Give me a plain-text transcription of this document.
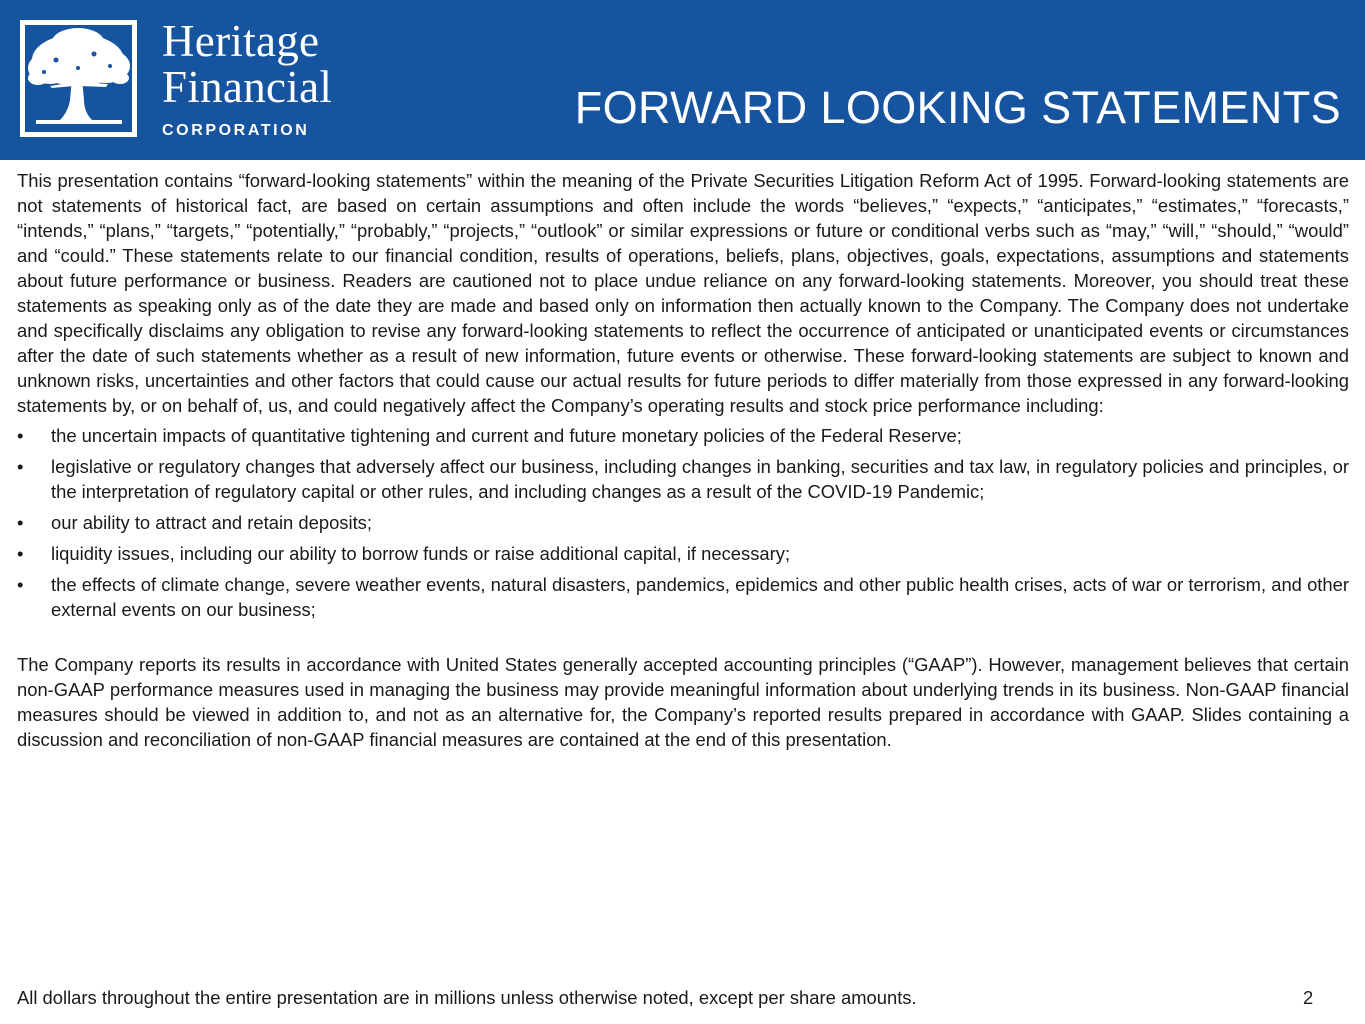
Heritage
Financial
CORPORATION	FORWARD LOOKING STATEMENTS

This presentation contains “forward-looking statements” within the meaning of the Private Securities Litigation Reform Act of 1995. Forward-looking statements are not statements of historical fact, are based on certain assumptions and often include the words “believes,” “expects,” “anticipates,” “estimates,” “forecasts,” “intends,” “plans,” “targets,” “potentially,” “probably,” “projects,” “outlook” or similar expressions or future or conditional verbs such as “may,” “will,” “should,” “would” and “could.” These statements relate to our financial condition, results of operations, beliefs, plans, objectives, goals, expectations, assumptions and statements about future performance or business. Readers are cautioned not to place undue reliance on any forward-looking statements. Moreover, you should treat these statements as speaking only as of the date they are made and based only on information then actually known to the Company. The Company does not undertake and specifically disclaims any obligation to revise any forward-looking statements to reflect the occurrence of anticipated or unanticipated events or circumstances after the date of such statements whether as a result of new information, future events or otherwise. These forward-looking statements are subject to known and unknown risks, uncertainties and other factors that could cause our actual results for future periods to differ materially from those expressed in any forward-looking statements by, or on behalf of, us, and could negatively affect the Company’s operating results and stock price performance including:

•	the uncertain impacts of quantitative tightening and current and future monetary policies of the Federal Reserve;
•	legislative or regulatory changes that adversely affect our business, including changes in banking, securities and tax law, in regulatory policies and principles, or the interpretation of regulatory capital or other rules, and including changes as a result of the COVID-19 Pandemic;
•	our ability to attract and retain deposits;
•	liquidity issues, including our ability to borrow funds or raise additional capital, if necessary;
•	the effects of climate change, severe weather events, natural disasters, pandemics, epidemics and other public health crises, acts of war or terrorism, and other external events on our business;

The Company reports its results in accordance with United States generally accepted accounting principles (“GAAP”). However, management believes that certain non-GAAP performance measures used in managing the business may provide meaningful information about underlying trends in its business. Non-GAAP financial measures should be viewed in addition to, and not as an alternative for, the Company’s reported results prepared in accordance with GAAP. Slides containing a discussion and reconciliation of non-GAAP financial measures are contained at the end of this presentation.

All dollars throughout the entire presentation are in millions unless otherwise noted, except per share amounts.	2
